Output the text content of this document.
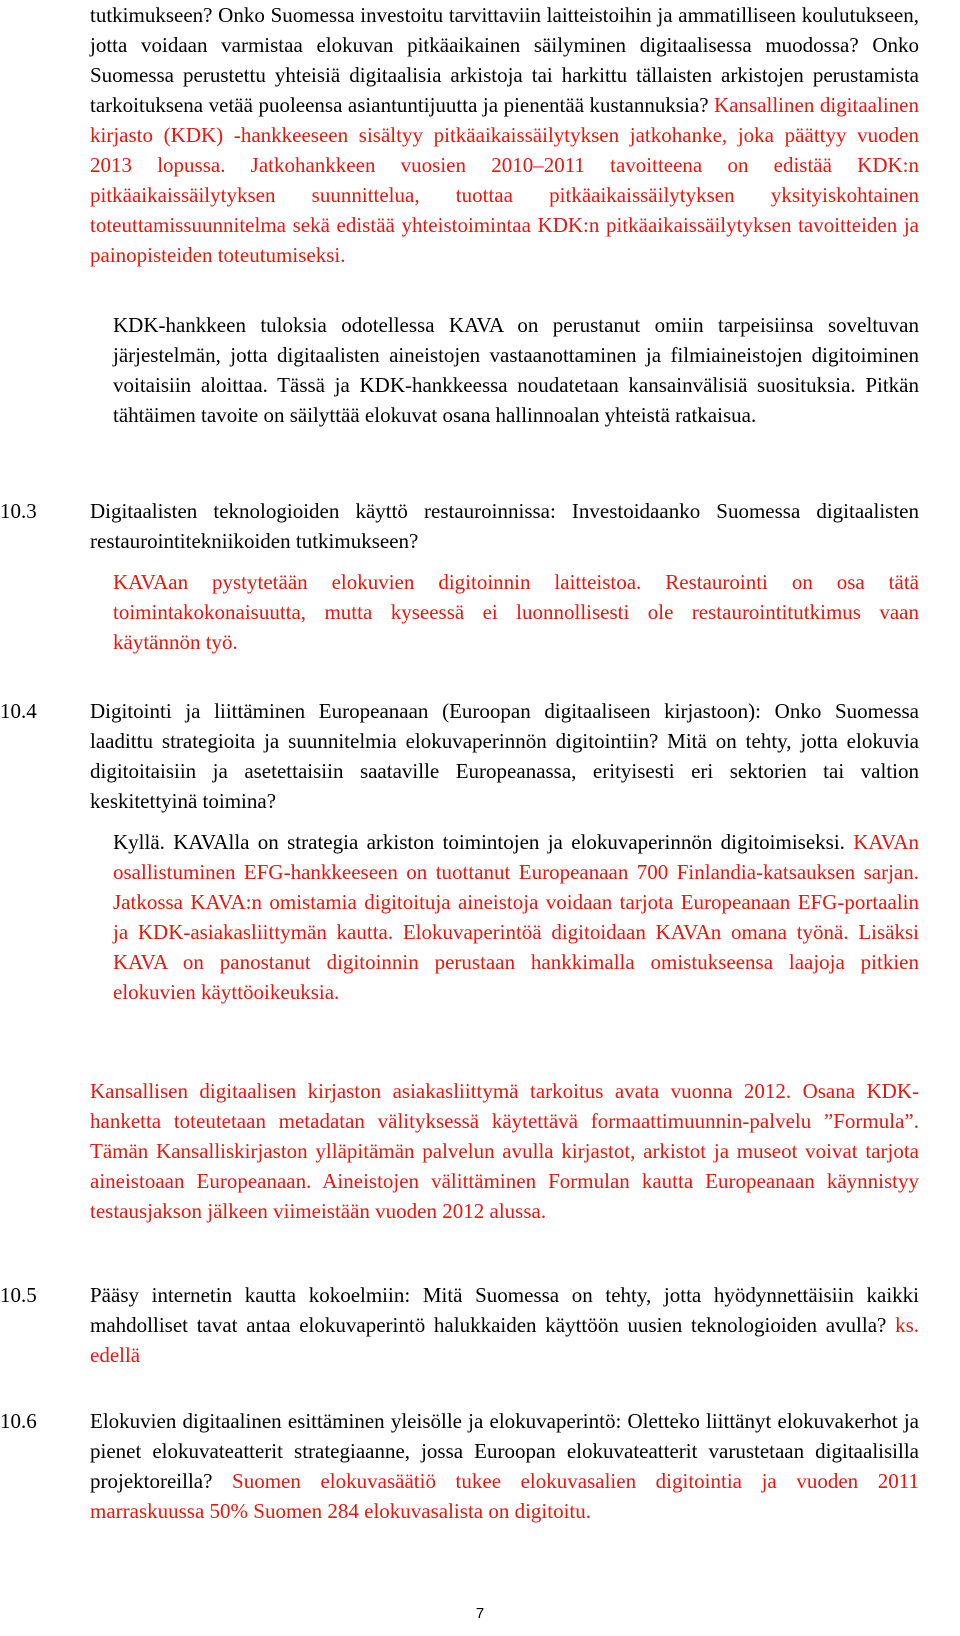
tutkimukseen? Onko Suomessa investoitu tarvittaviin laitteistoihin ja ammatilliseen koulutukseen, jotta voidaan varmistaa elokuvan pitkäaikainen säilyminen digitaalisessa muodossa? Onko Suomessa perustettu yhteisiä digitaalisia arkistoja tai harkittu tällaisten arkistojen perustamista tarkoituksena vetää puoleensa asiantuntijuutta ja pienentää kustannuksia? Kansallinen digitaalinen kirjasto (KDK) -hankkeeseen sisältyy pitkäaikaissäilytyksen jatkohanke, joka päättyy vuoden 2013 lopussa. Jatkohankkeen vuosien 2010–2011 tavoitteena on edistää KDK:n pitkäaikaissäilytyksen suunnittelua, tuottaa pitkäaikaissäilytyksen yksityiskohtainen toteuttamissuunnitelma sekä edistää yhteistoimintaa KDK:n pitkäaikaissäilytyksen tavoitteiden ja painopisteiden toteutumiseksi.

KDK-hankkeen tuloksia odotellessa KAVA on perustanut omiin tarpeisiinsa soveltuvan järjestelmän, jotta digitaalisten aineistojen vastaanottaminen ja filmiaineistojen digitoiminen voitaisiin aloittaa. Tässä ja KDK-hankkeessa noudatetaan kansainvälisiä suosituksia. Pitkän tähtäimen tavoite on säilyttää elokuvat osana hallinnoalan yhteistä ratkaisua.

10.3	Digitaalisten teknologioiden käyttö restauroinnissa: Investoidaanko Suomessa digitaalisten restaurointitekniikoiden tutkimukseen?

KAVAan pystytetään elokuvien digitoinnin laitteistoa. Restaurointi on osa tätä toimintakokonaisuutta, mutta kyseessä ei luonnollisesti ole restaurointitutkimus vaan käytännön työ.

10.4	Digitointi ja liittäminen Europeanaan (Euroopan digitaaliseen kirjastoon): Onko Suomessa laadittu strategioita ja suunnitelmia elokuvaperinnön digitointiin? Mitä on tehty, jotta elokuvia digitoitaisiin ja asetettaisiin saataville Europeanassa, erityisesti eri sektorien tai valtion keskitettyinä toimina?

Kyllä. KAVAlla on strategia arkiston toimintojen ja elokuvaperinnön digitoimiseksi. KAVAn osallistuminen EFG-hankkeeseen on tuottanut Europeanaan 700 Finlandia-katsauksen sarjan. Jatkossa KAVA:n omistamia digitoituja aineistoja voidaan tarjota Europeanaan EFG-portaalin ja KDK-asiakasliittymän kautta. Elokuvaperintöä digitoidaan KAVAn omana työnä. Lisäksi KAVA on panostanut digitoinnin perustaan hankkimalla omistukseensa laajoja pitkien elokuvien käyttöoikeuksia.

Kansallisen digitaalisen kirjaston asiakasliittymä tarkoitus avata vuonna 2012. Osana KDK-hanketta toteutetaan metadatan välityksessä käytettävä formaattimuunnin-palvelu ”Formula”. Tämän Kansalliskirjaston ylläpitämän palvelun avulla kirjastot, arkistot ja museot voivat tarjota aineistoaan Europeanaan. Aineistojen välittäminen Formulan kautta Europeanaan käynnistyy testausjakson jälkeen viimeistään vuoden 2012 alussa.

10.5	Pääsy internetin kautta kokoelmiin: Mitä Suomessa on tehty, jotta hyödynnettäisiin kaikki mahdolliset tavat antaa elokuvaperintö halukkaiden käyttöön uusien teknologioiden avulla? ks. edellä

10.6	Elokuvien digitaalinen esittäminen yleisölle ja elokuvaperintö: Oletteko liittänyt elokuvakerhot ja pienet elokuvateatterit strategiaanne, jossa Euroopan elokuvateatterit varustetaan digitaalisilla projektoreilla? Suomen elokuvasäätiö tukee elokuvasalien digitointia ja vuoden 2011 marraskuussa 50% Suomen 284 elokuvasalista on digitoitu.

7
